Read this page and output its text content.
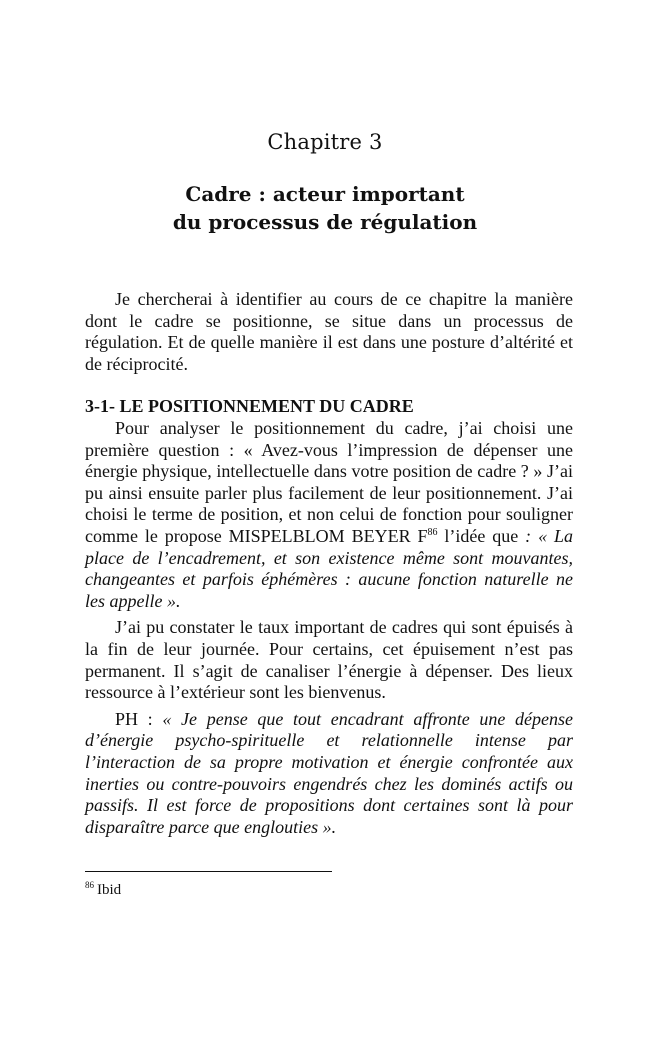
Chapitre 3
Cadre : acteur important
du processus de régulation

Je chercherai à identifier au cours de ce chapitre la manière dont le cadre se positionne, se situe dans un processus de régulation. Et de quelle manière il est dans une posture d’altérité et de réciprocité.

3-1- LE POSITIONNEMENT DU CADRE

Pour analyser le positionnement du cadre, j’ai choisi une première question : « Avez-vous l’impression de dépenser une énergie physique, intellectuelle dans votre position de cadre ? » J’ai pu ainsi ensuite parler plus facilement de leur positionnement. J’ai choisi le terme de position, et non celui de fonction pour souligner comme le propose MISPELBLOM BEYER F$^{86}$ l’idée que : « La place de l’encadrement, et son existence même sont mouvantes, changeantes et parfois éphémères : aucune fonction naturelle ne les appelle ».

J’ai pu constater le taux important de cadres qui sont épuisés à la fin de leur journée. Pour certains, cet épuisement n’est pas permanent. Il s’agit de canaliser l’énergie à dépenser. Des lieux ressource à l’extérieur sont les bienvenus.

PH : « Je pense que tout encadrant affronte une dépense d’énergie psycho-spirituelle et relationnelle intense par l’interaction de sa propre motivation et énergie confrontée aux inerties ou contre-pouvoirs engendrés chez les dominés actifs ou passifs. Il est force de propositions dont certaines sont là pour disparaître parce que englouties ».

$^{86}$ Ibid
